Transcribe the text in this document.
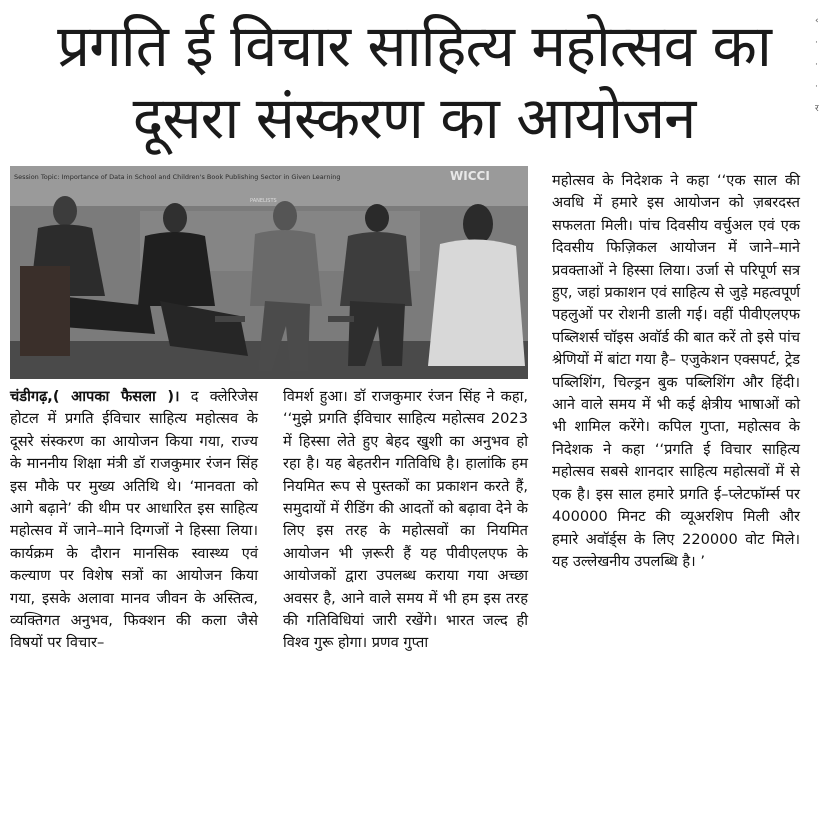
प्रगति ई विचार साहित्य महोत्सव का
दूसरा संस्करण का आयोजन
Session Topic: Importance of Data in School and Children's Book Publishing Sector in Given Learning	WICCI
PANELISTS

चंडीगढ़,( आपका फैसला )। द क्लेरिजेस होटल में प्रगति ईविचार साहित्य महोत्सव के दूसरे संस्करण का आयोजन किया गया, राज्य के माननीय शिक्षा मंत्री डॉ राजकुमार रंजन सिंह इस मौके पर मुख्य अतिथि थे। ‘मानवता को आगे बढ़ाने’ की थीम पर आधारित इस साहित्य महोत्सव में जाने–माने दिग्गजों ने हिस्सा लिया। कार्यक्रम के दौरान मानसिक स्वास्थ्य एवं कल्याण पर विशेष सत्रों का आयोजन किया गया, इसके अलावा मानव जीवन के अस्तित्व, व्यक्तिगत अनुभव, फिक्शन की कला जैसे विषयों पर विचार–

विमर्श हुआ। डॉ राजकुमार रंजन सिंह ने कहा, ‘‘मुझे प्रगति ईविचार साहित्य महोत्सव 2023 में हिस्सा लेते हुए बेहद खुशी का अनुभव हो रहा है। यह बेहतरीन गतिविधि है। हालांकि हम नियमित रूप से पुस्तकों का प्रकाशन करते हैं, समुदायों में रीडिंग की आदतों को बढ़ावा देने के लिए इस तरह के महोत्सवों का नियमित आयोजन भी ज़रूरी हैं यह पीवीएलएफ के आयोजकों द्वारा उपलब्ध कराया गया अच्छा अवसर है, आने वाले समय में भी हम इस तरह की गतिविधियां जारी रखेंगे। भारत जल्द ही विश्व गुरू होगा। प्रणव गुप्ता

महोत्सव के निदेशक ने कहा ‘‘एक साल की अवधि में हमारे इस आयोजन को ज़बरदस्त सफलता मिली। पांच दिवसीय वर्चुअल एवं एक दिवसीय फिज़िकल आयोजन में जाने–माने प्रवक्ताओं ने हिस्सा लिया। उर्जा से परिपूर्ण सत्र हुए, जहां प्रकाशन एवं साहित्य से जुड़े महत्वपूर्ण पहलुओं पर रोशनी डाली गई। वहीं पीवीएलएफ पब्लिशर्स चॉइस अवॉर्ड की बात करें तो इसे पांच श्रेणियों में बांटा गया है– एजुकेशन एक्सपर्ट, ट्रेड पब्लिशिंग, चिल्ड्रन बुक पब्लिशिंग और हिंदी। आने वाले समय में भी कई क्षेत्रीय भाषाओं को भी शामिल करेंगे। कपिल गुप्ता, महोत्सव के निदेशक ने कहा ‘‘प्रगति ई विचार साहित्य महोत्सव सबसे शानदार साहित्य महोत्सवों में से एक है। इस साल हमारे प्रगति ई–प्लेटफॉर्म्स पर 400000 मिनट की व्यूअरशिप मिली और हमारे अवॉर्ड्स के लिए 220000 वोट मिले। यह उल्लेखनीय उपलब्धि है। ’

‹
·
·
·
र
